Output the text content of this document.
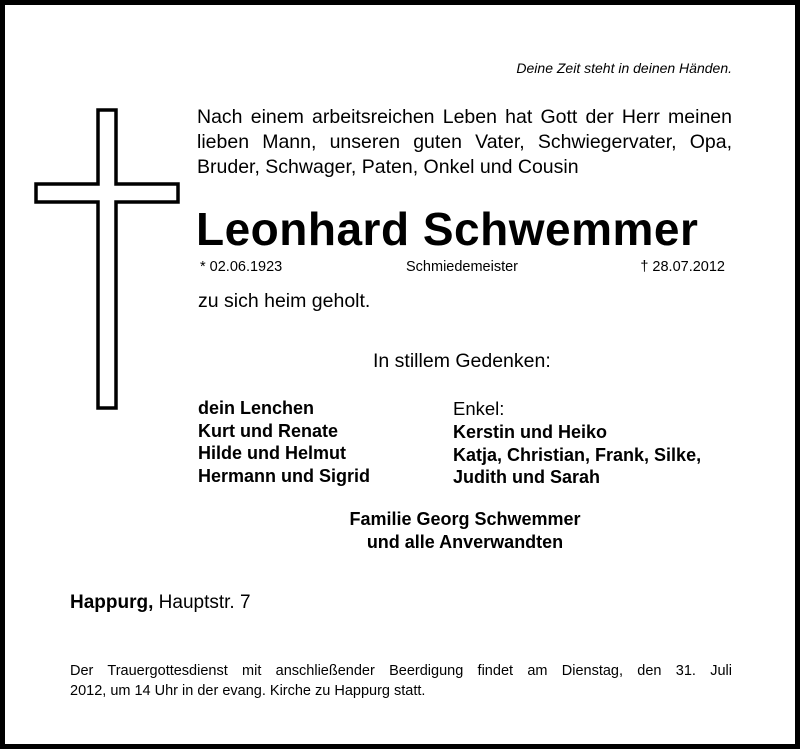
Deine Zeit steht in deinen Händen.

Nach einem arbeitsreichen Leben hat Gott der Herr meinen
lieben Mann, unseren guten Vater, Schwiegervater, Opa,
Bruder, Schwager, Paten, Onkel und Cousin
Leonhard Schwemmer
* 02.06.1923	Schmiedemeister	† 28.07.2012

zu sich heim geholt.

In stillem Gedenken:

dein Lenchen
Kurt und Renate
Hilde und Helmut
Hermann und Sigrid
Enkel:
Kerstin und Heiko
Katja, Christian, Frank, Silke,
Judith und Sarah
Familie Georg Schwemmer
und alle Anverwandten

Happurg, Hauptstr. 7

Der Trauergottesdienst mit anschließender Beerdigung findet am Dienstag, den 31. Juli
2012, um 14 Uhr in der evang. Kirche zu Happurg statt.
